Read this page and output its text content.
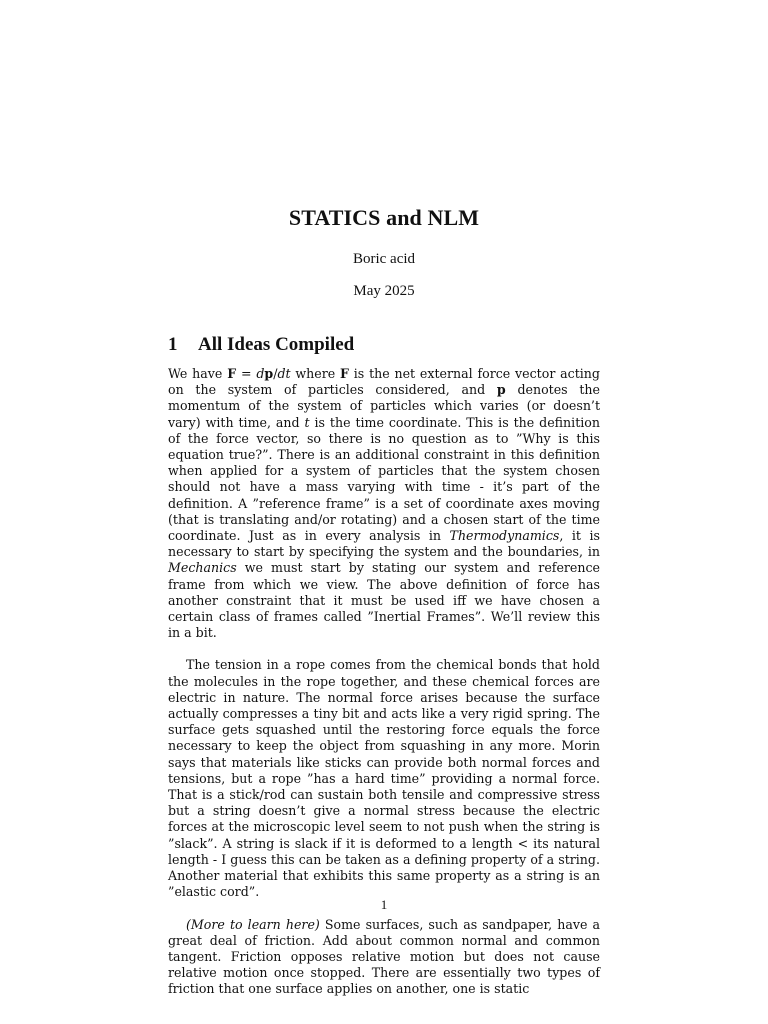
STATICS and NLM
Boric acid
May 2025
1 All Ideas Compiled

We have F = dp/dt where F is the net external force vector acting on the system of particles considered, and p denotes the momentum of the system of particles which varies (or doesn’t vary) with time, and t is the time coordinate. This is the definition of the force vector, so there is no question as to ”Why is this equation true?”. There is an additional constraint in this definition when applied for a system of particles that the system chosen should not have a mass varying with time - it’s part of the definition. A ”reference frame” is a set of coordinate axes moving (that is translating and/or rotating) and a chosen start of the time coordinate. Just as in every analysis in Thermodynamics, it is necessary to start by specifying the system and the boundaries, in Mechanics we must start by stating our system and reference frame from which we view. The above definition of force has another constraint that it must be used iff we have chosen a certain class of frames called ”Inertial Frames”. We’ll review this in a bit.

The tension in a rope comes from the chemical bonds that hold the molecules in the rope together, and these chemical forces are electric in nature. The normal force arises because the surface actually compresses a tiny bit and acts like a very rigid spring. The surface gets squashed until the restoring force equals the force necessary to keep the object from squashing in any more. Morin says that materials like sticks can provide both normal forces and tensions, but a rope ”has a hard time” providing a normal force. That is a stick/rod can sustain both tensile and compressive stress but a string doesn’t give a normal stress because the electric forces at the microscopic level seem to not push when the string is ”slack”. A string is slack if it is deformed to a length < its natural length - I guess this can be taken as a defining property of a string. Another material that exhibits this same property as a string is an ”elastic cord”.

(More to learn here) Some surfaces, such as sandpaper, have a great deal of friction. Add about common normal and common tangent. Friction opposes relative motion but does not cause relative motion once stopped. There are essentially two types of friction that one surface applies on another, one is static

1
